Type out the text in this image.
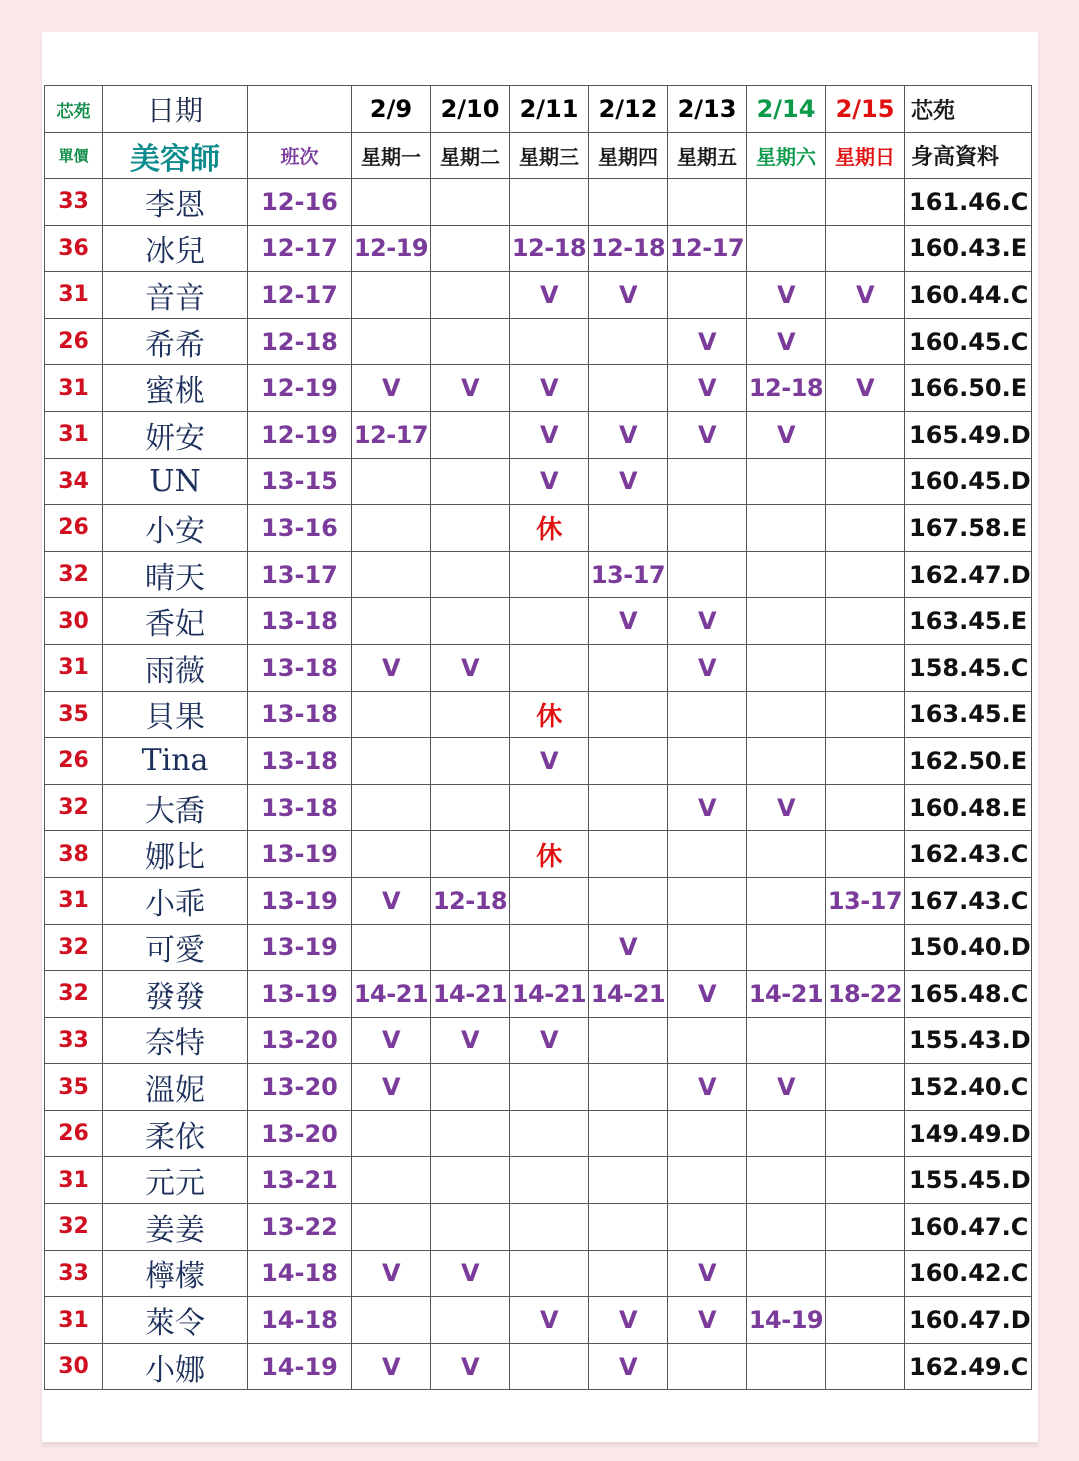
芯苑	日期		2/9	2/10	2/11	2/12	2/13	2/14	2/15	芯苑
單價	美容師	班次	星期一	星期二	星期三	星期四	星期五	星期六	星期日	身高資料
33	李恩	12-16								161.46.C
36	冰兒	12-17	12-19		12-18	12-18	12-17			160.43.E
31	音音	12-17			V	V		V	V	160.44.C
26	希希	12-18					V	V		160.45.C
31	蜜桃	12-19	V	V	V		V	12-18	V	166.50.E
31	妍安	12-19	12-17		V	V	V	V		165.49.D
34	UN	13-15			V	V				160.45.D
26	小安	13-16			休					167.58.E
32	晴天	13-17				13-17				162.47.D
30	香妃	13-18				V	V			163.45.E
31	雨薇	13-18	V	V			V			158.45.C
35	貝果	13-18			休					163.45.E
26	Tina	13-18			V					162.50.E
32	大喬	13-18					V	V		160.48.E
38	娜比	13-19			休					162.43.C
31	小乖	13-19	V	12-18					13-17	167.43.C
32	可愛	13-19				V				150.40.D
32	發發	13-19	14-21	14-21	14-21	14-21	V	14-21	18-22	165.48.C
33	奈特	13-20	V	V	V					155.43.D
35	溫妮	13-20	V				V	V		152.40.C
26	柔依	13-20								149.49.D
31	元元	13-21								155.45.D
32	姜姜	13-22								160.47.C
33	檸檬	14-18	V	V			V			160.42.C
31	萊令	14-18			V	V	V	14-19		160.47.D
30	小娜	14-19	V	V		V				162.49.C
